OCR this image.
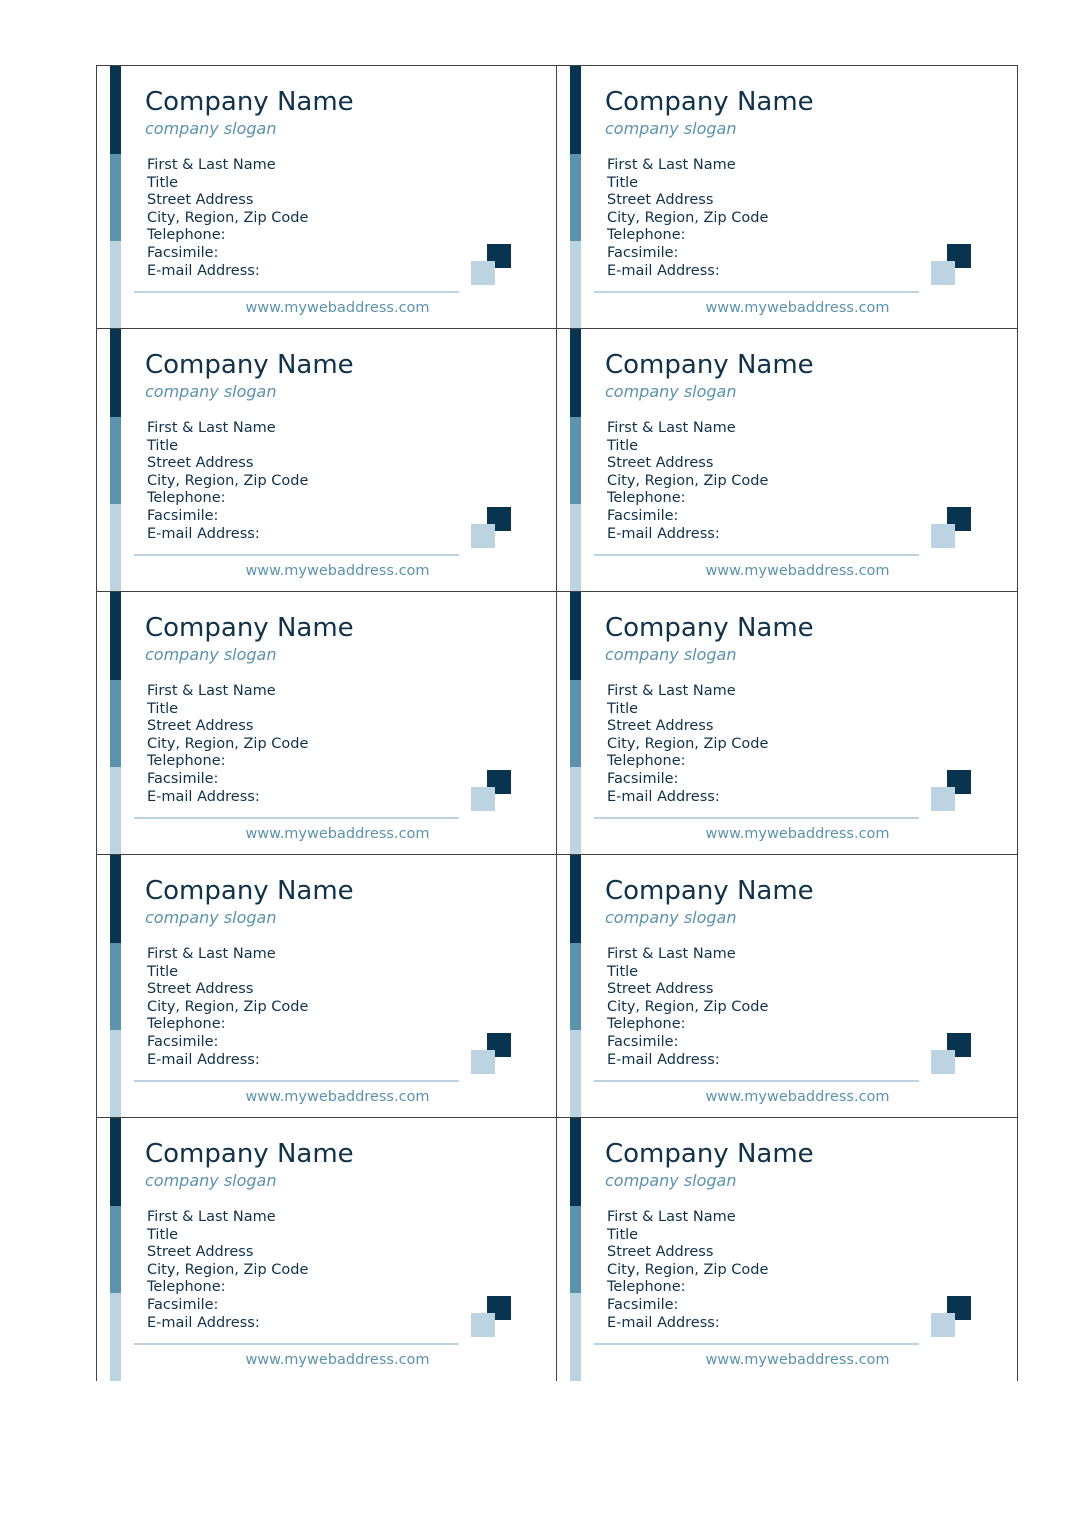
Company Name
company slogan
First & Last Name
Title
Street Address
City, Region, Zip Code
Telephone:
Facsimile:
E-mail Address:
www.mywebaddress.com
Company Name
company slogan
First & Last Name
Title
Street Address
City, Region, Zip Code
Telephone:
Facsimile:
E-mail Address:
www.mywebaddress.com
Company Name
company slogan
First & Last Name
Title
Street Address
City, Region, Zip Code
Telephone:
Facsimile:
E-mail Address:
www.mywebaddress.com
Company Name
company slogan
First & Last Name
Title
Street Address
City, Region, Zip Code
Telephone:
Facsimile:
E-mail Address:
www.mywebaddress.com
Company Name
company slogan
First & Last Name
Title
Street Address
City, Region, Zip Code
Telephone:
Facsimile:
E-mail Address:
www.mywebaddress.com
Company Name
company slogan
First & Last Name
Title
Street Address
City, Region, Zip Code
Telephone:
Facsimile:
E-mail Address:
www.mywebaddress.com
Company Name
company slogan
First & Last Name
Title
Street Address
City, Region, Zip Code
Telephone:
Facsimile:
E-mail Address:
www.mywebaddress.com
Company Name
company slogan
First & Last Name
Title
Street Address
City, Region, Zip Code
Telephone:
Facsimile:
E-mail Address:
www.mywebaddress.com
Company Name
company slogan
First & Last Name
Title
Street Address
City, Region, Zip Code
Telephone:
Facsimile:
E-mail Address:
www.mywebaddress.com
Company Name
company slogan
First & Last Name
Title
Street Address
City, Region, Zip Code
Telephone:
Facsimile:
E-mail Address:
www.mywebaddress.com
